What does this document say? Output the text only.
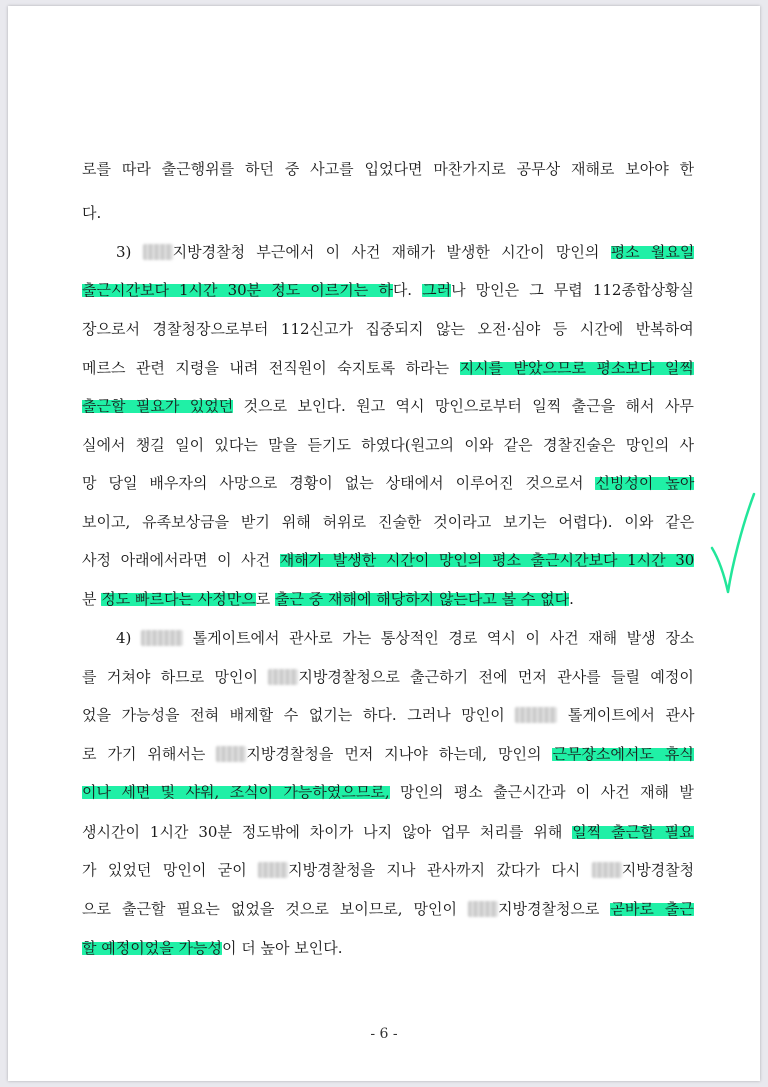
로를 따라 출근행위를 하던 중 사고를 입었다면 마찬가지로 공무상 재해로 보아야 한
다.
3) 지방경찰청 부근에서 이 사건 재해가 발생한 시간이 망인의 평소 월요일
출근시간보다 1시간 30분 정도 이르기는 하다. 그러나 망인은 그 무렵 112종합상황실
장으로서 경찰청장으로부터 112신고가 집중되지 않는 오전·심야 등 시간에 반복하여
메르스 관련 지령을 내려 전직원이 숙지토록 하라는 지시를 받았으므로 평소보다 일찍
출근할 필요가 있었던 것으로 보인다. 원고 역시 망인으로부터 일찍 출근을 해서 사무
실에서 챙길 일이 있다는 말을 듣기도 하였다(원고의 이와 같은 경찰진술은 망인의 사
망 당일 배우자의 사망으로 경황이 없는 상태에서 이루어진 것으로서 신빙성이 높아
보이고, 유족보상금을 받기 위해 허위로 진술한 것이라고 보기는 어렵다). 이와 같은
사정 아래에서라면 이 사건 재해가 발생한 시간이 망인의 평소 출근시간보다 1시간 30
분 정도 빠르다는 사정만으로 출근 중 재해에 해당하지 않는다고 볼 수 없다.
4)	톨게이트에서 관사로 가는 통상적인 경로 역시 이 사건 재해 발생 장소
를 거쳐야 하므로 망인이 지방경찰청으로 출근하기 전에 먼저 관사를 들릴 예정이
었을 가능성을 전혀 배제할 수 없기는 하다. 그러나 망인이	톨게이트에서 관사
로 가기 위해서는 지방경찰청을 먼저 지나야 하는데, 망인의 근무장소에서도 휴식
이나 세면 및 샤워, 조식이 가능하였으므로, 망인의 평소 출근시간과 이 사건 재해 발
생시간이 1시간 30분 정도밖에 차이가 나지 않아 업무 처리를 위해 일찍 출근할 필요
가 있었던 망인이 굳이 지방경찰청을 지나 관사까지 갔다가 다시 지방경찰청
으로 출근할 필요는 없었을 것으로 보이므로, 망인이 지방경찰청으로 곧바로 출근
할 예정이었을 가능성이 더 높아 보인다.
- 6 -
